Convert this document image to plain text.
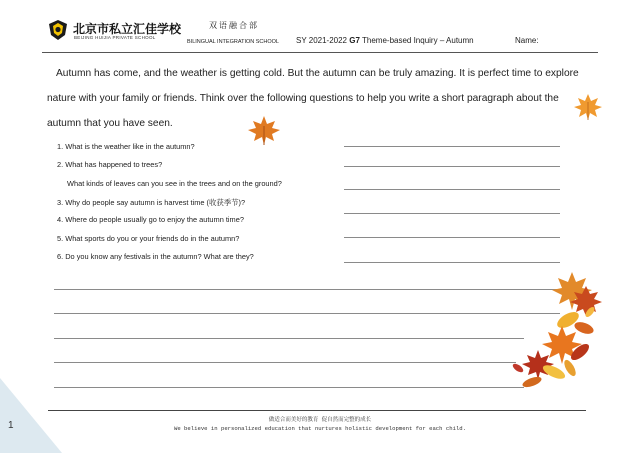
1
北京市私立汇佳学校
BEIJING HUIJIA PRIVATE SCHOOL
双语融合部
BILINGUAL INTEGRATION SCHOOL SY 2021-2022 G7 Theme-based Inquiry – Autumn	Name:
Autumn has come, and the weather is getting cold. But the autumn can be truly amazing. It is perfect time to explore
nature with your family or friends. Think over the following questions to help you write a short paragraph about the
autumn that you have seen.
1. What is the weather like in the autumn?
2. What has happened to trees?
What kinds of leaves can you see in the trees and on the ground?
3. Why do people say autumn is harvest time (收获季节)?
4. Where do people usually go to enjoy the autumn time?
5. What sports do you or your friends do in the autumn?
6. Do you know any festivals in the autumn? What are they?
做适合而美好的教育 促自然而完整的成长
We believe in personalized education that nurtures holistic development for each child.
